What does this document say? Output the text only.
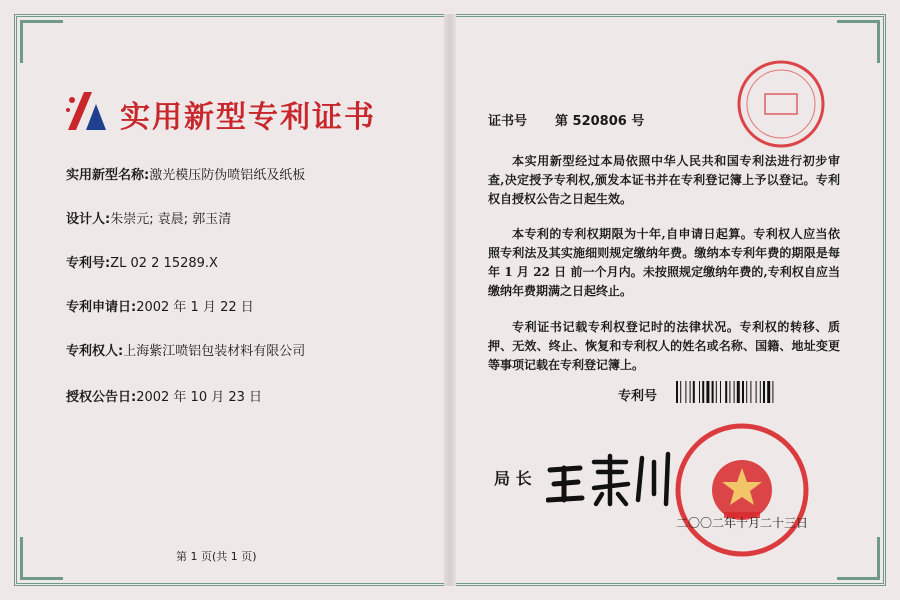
实用新型专利证书
实用新型名称:激光模压防伪喷铝纸及纸板
设计人:朱崇元; 袁晨; 郭玉清
专利号:ZL 02 2 15289.X
专利申请日:2002 年 1 月 22 日
专利权人:上海紫江喷铝包装材料有限公司
授权公告日:2002 年 10 月 23 日
第 1 页(共 1 页)
证书号 第 520806 号
本实用新型经过本局依照中华人民共和国专利法进行初步审查,决定授予专利权,颁发本证书并在专利登记簿上予以登记。专利权自授权公告之日起生效。
本专利的专利权期限为十年,自申请日起算。专利权人应当依照专利法及其实施细则规定缴纳年费。缴纳本专利年费的期限是每年 1 月 22 日 前一个月内。未按照规定缴纳年费的,专利权自应当缴纳年费期满之日起终止。
专利证书记载专利权登记时的法律状况。专利权的转移、质押、无效、终止、恢复和专利权人的姓名或名称、国籍、地址变更等事项记载在专利登记簿上。
专利号
局 长
二〇〇二年十月二十三日
